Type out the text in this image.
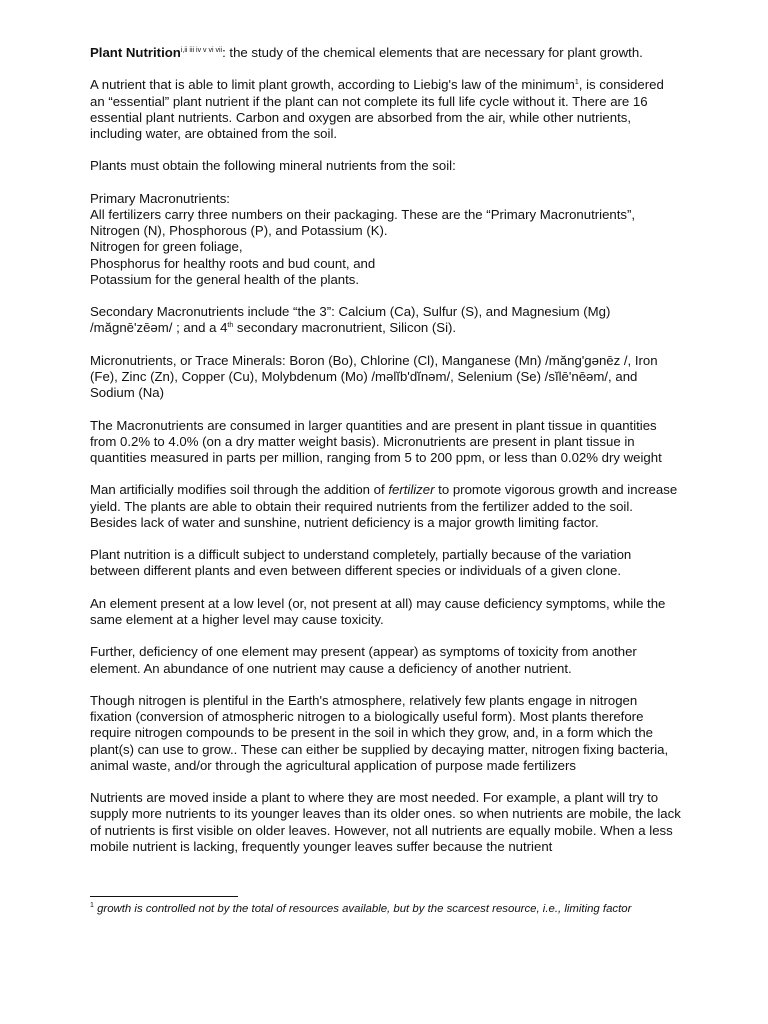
Plant Nutrition$^{i,ii iii iv v vi vii}$: the study of the chemical elements that are necessary for plant growth.

A nutrient that is able to limit plant growth, according to Liebig's law of the minimum$^1$, is considered an “essential” plant nutrient if the plant can not complete its full life cycle without it. There are 16 essential plant nutrients. Carbon and oxygen are absorbed from the air, while other nutrients, including water, are obtained from the soil.

Plants must obtain the following mineral nutrients from the soil:

Primary Macronutrients:
All fertilizers carry three numbers on their packaging. These are the “Primary Macronutrients”, Nitrogen (N), Phosphorous (P), and Potassium (K).
Nitrogen for green foliage,
Phosphorus for healthy roots and bud count, and
Potassium for the general health of the plants.

Secondary Macronutrients include “the 3”: Calcium (Ca), Sulfur (S), and Magnesium (Mg) /măgnē'zēəm/ ; and a 4th secondary macronutrient, Silicon (Si).

Micronutrients, or Trace Minerals: Boron (Bo), Chlorine (Cl), Manganese (Mn) /măng'gənēz /, Iron (Fe), Zinc (Zn), Copper (Cu), Molybdenum (Mo) /məlĭb'dĭnəm/, Selenium (Se) /sĭlē'nēəm/, and Sodium (Na)

The Macronutrients are consumed in larger quantities and are present in plant tissue in quantities from 0.2% to 4.0% (on a dry matter weight basis). Micronutrients are present in plant tissue in quantities measured in parts per million, ranging from 5 to 200 ppm, or less than 0.02% dry weight

Man artificially modifies soil through the addition of fertilizer to promote vigorous growth and increase yield. The plants are able to obtain their required nutrients from the fertilizer added to the soil. Besides lack of water and sunshine, nutrient deficiency is a major growth limiting factor.

Plant nutrition is a difficult subject to understand completely, partially because of the variation between different plants and even between different species or individuals of a given clone.

An element present at a low level (or, not present at all) may cause deficiency symptoms, while the same element at a higher level may cause toxicity.

Further, deficiency of one element may present (appear) as symptoms of toxicity from another element. An abundance of one nutrient may cause a deficiency of another nutrient.

Though nitrogen is plentiful in the Earth's atmosphere, relatively few plants engage in nitrogen fixation (conversion of atmospheric nitrogen to a biologically useful form). Most plants therefore require nitrogen compounds to be present in the soil in which they grow, and, in a form which the plant(s) can use to grow.. These can either be supplied by decaying matter, nitrogen fixing bacteria, animal waste, and/or through the agricultural application of purpose made fertilizers

Nutrients are moved inside a plant to where they are most needed. For example, a plant will try to supply more nutrients to its younger leaves than its older ones. so when nutrients are mobile, the lack of nutrients is first visible on older leaves. However, not all nutrients are equally mobile. When a less mobile nutrient is lacking, frequently younger leaves suffer because the nutrient

$^1$ growth is controlled not by the total of resources available, but by the scarcest resource, i.e., limiting factor
